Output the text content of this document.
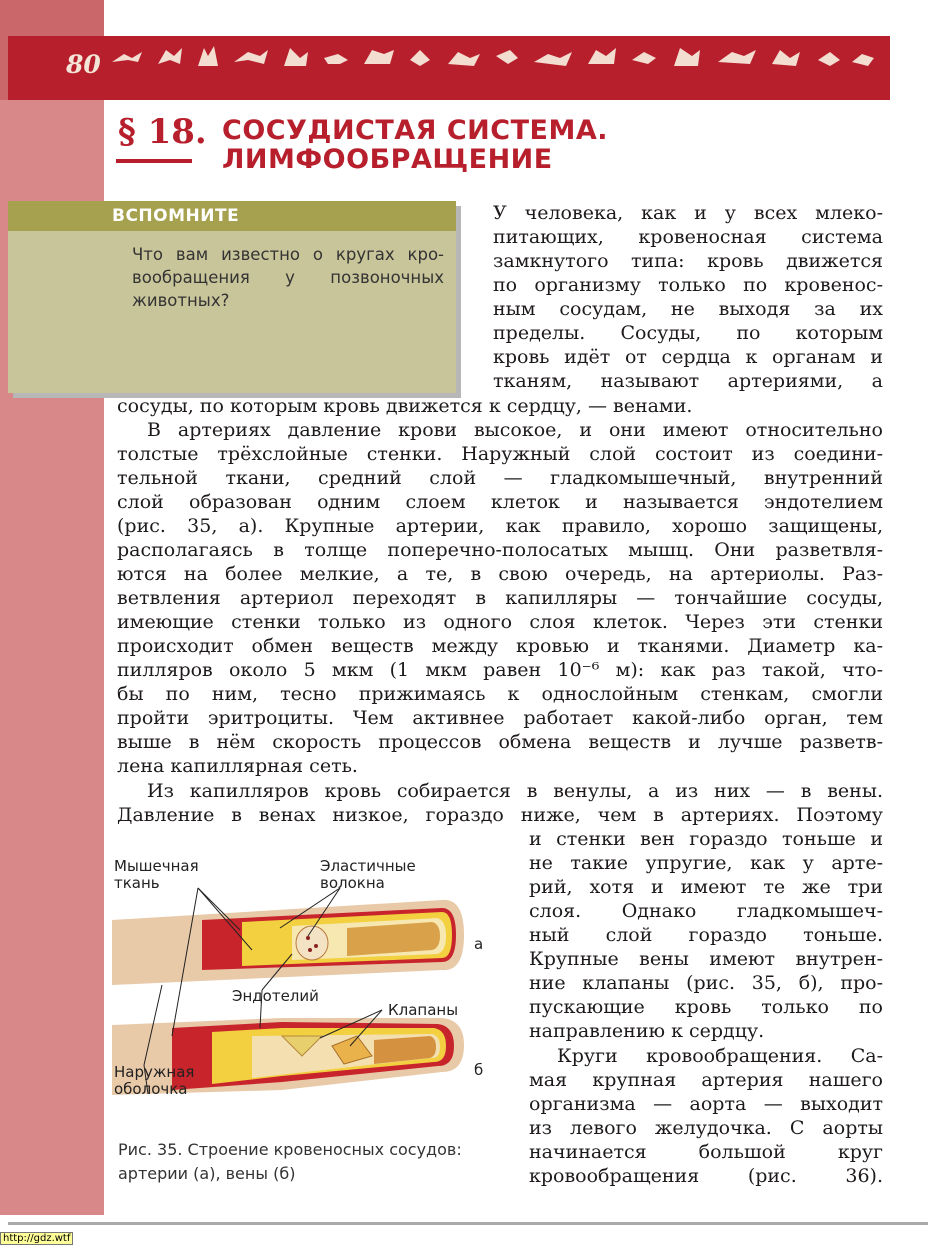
80
§ 18. СОСУДИСТАЯ СИСТЕМА.
ЛИМФООБРАЩЕНИЕ
ВСПОМНИТЕ
Что вам известно о кругах кро-
вообращения у позвоночных
животных?
У человека, как и у всех млеко-
питающих, кровеносная система
замкнутого типа: кровь движется
по организму только по кровенос-
ным сосудам, не выходя за их
пределы. Сосуды, по которым
кровь идёт от сердца к органам и
тканям, называют артериями, а
сосуды, по которым кровь движется к сердцу, — венами.
В артериях давление крови высокое, и они имеют относительно
толстые трёхслойные стенки. Наружный слой состоит из соедини-
тельной ткани, средний слой — гладкомышечный, внутренний
слой образован одним слоем клеток и называется эндотелием
(рис. 35, а). Крупные артерии, как правило, хорошо защищены,
располагаясь в толще поперечно-полосатых мышц. Они разветвля-
ются на более мелкие, а те, в свою очередь, на артериолы. Раз-
ветвления артериол переходят в капилляры — тончайшие сосуды,
имеющие стенки только из одного слоя клеток. Через эти стенки
происходит обмен веществ между кровью и тканями. Диаметр ка-
пилляров около 5 мкм (1 мкм равен 10⁻⁶ м): как раз такой, что-
бы по ним, тесно прижимаясь к однослойным стенкам, смогли
пройти эритроциты. Чем активнее работает какой-либо орган, тем
выше в нём скорость процессов обмена веществ и лучше разветв-
лена капиллярная сеть.
Из капилляров кровь собирается в венулы, а из них — в вены.
Давление в венах низкое, гораздо ниже, чем в артериях. Поэтому
и стенки вен гораздо тоньше и
не такие упругие, как у арте-
рий, хотя и имеют те же три
слоя. Однако гладкомышеч-
ный слой гораздо тоньше.
Крупные вены имеют внутрен-
ние клапаны (рис. 35, б), про-
пускающие кровь только по
направлению к сердцу.
Круги кровообращения. Са-
мая крупная артерия нашего
организма — аорта — выходит
из левого желудочка. С аорты
начинается большой круг
кровообращения (рис. 36).
Мышечная ткань
Эластичные волокна
Эндотелий
Клапаны
Наружная оболочка
а
б
Рис. 35. Строение кровеносных сосудов: артерии (а), вены (б)
http://gdz.wtf
